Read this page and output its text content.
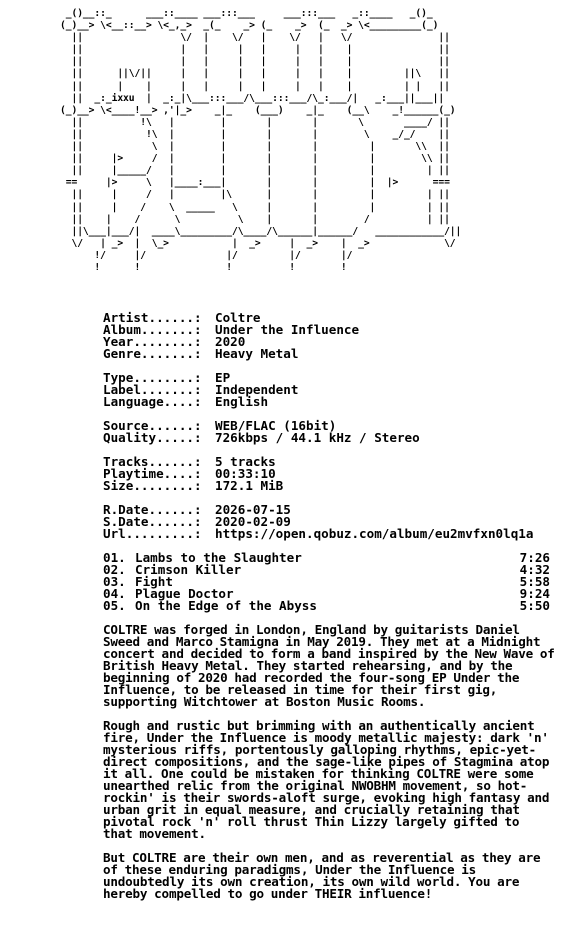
_()__::_      ___::____ ___:::___     ___:::___   _::____   _()_
(_)__> \<__::__> \<_,_>  _(_    _> (_    _>  (_  _> \<_________(_)
||                 \/  |    \/   |    \/   |   \/               ||
||                 |   |     |   |     |   |    |               ||
||                 |   |     |   |     |   |    |               ||
||      ||\/||     |   |     |   |     |   |    |         ||\   ||
||      |    |     |   |     |   |     |   |    |         | |   ||
||  _:_ixxu  |  _:_|\___:::___/\___:::___/\_:___/|   _:___||___||
(_)__> \<____!__> ,'|_>    _|_    (___)    _|_    (__\    _!______(_)
||          !\   |        |       |       |       \       ____/ ||
||           !\  |        |       |       |        \    _/_/    ||
||            \  |        |       |       |         |       \\  ||
||     |>     /  |        |       |       |         |        \\ ||
||     |_____/   |        |       |       |         |         | ||
==     |>     \   |____:___|       |       |         |  |>      ===
||     |     /   |        |\      |       |         |         | ||
||     |    /    \  _____   \     |       |         |         | ||
||    |    /      \          \    |       |        /          | ||
||\___|___/|  ____\_________/\____/\______|______/   ____________/||
\/   | _>  |  \_>           |  _>     |  _>    |  _>             \/
!/     |/              |/         |/       |/
!      !               !          !        !
Artist......:	Coltre
Album.......:	Under the Influence
Year........:	2020
Genre.......:	Heavy Metal
Type........:	EP
Label.......:	Independent
Language....:	English
Source......:	WEB/FLAC (16bit)
Quality.....:	726kbps / 44.1 kHz / Stereo
Tracks......:	5 tracks
Playtime....:	00:33:10
Size........:	172.1 MiB
R.Date......:	2026-07-15
S.Date......:	2020-02-09
Url.........:	https://open.qobuz.com/album/eu2mvfxn0lq1a
01. Lambs to the Slaughter	7:26
02. Crimson Killer	4:32
03. Fight	5:58
04. Plague Doctor	9:24
05. On the Edge of the Abyss	5:50

COLTRE was forged in London, England by guitarists Daniel Sweed and Marco Stamigna in May 2019. They met at a Midnight concert and decided to form a band inspired by the New Wave of British Heavy Metal. They started rehearsing, and by the beginning of 2020 had recorded the four-song EP Under the Influence, to be released in time for their first gig, supporting Witchtower at Boston Music Rooms.

Rough and rustic but brimming with an authentically ancient fire, Under the Influence is moody metallic majesty: dark 'n' mysterious riffs, portentously galloping rhythms, epic-yet-direct compositions, and the sage-like pipes of Stagmina atop it all. One could be mistaken for thinking COLTRE were some unearthed relic from the original NWOBHM movement, so hot-rockin' is their swords-aloft surge, evoking high fantasy and urban grit in equal measure, and crucially retaining that pivotal rock 'n' roll thrust Thin Lizzy largely gifted to that movement.

But COLTRE are their own men, and as reverential as they are of these enduring paradigms, Under the Influence is undoubtedly its own creation, its own wild world. You are hereby compelled to go under THEIR influence!
